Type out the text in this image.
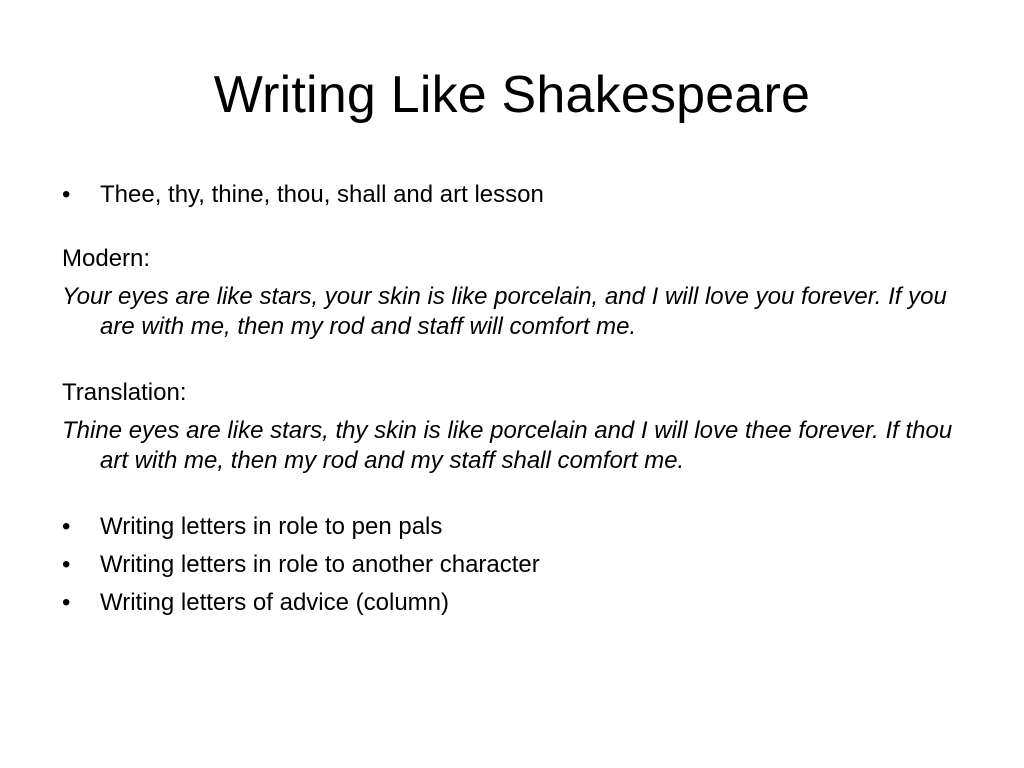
Writing Like Shakespeare
•	Thee, thy, thine, thou, shall and art lesson
Modern:
Your eyes are like stars, your skin is like porcelain, and I will love you forever. If you are with me, then my rod and staff will comfort me.
Translation:
Thine eyes are like stars, thy skin is like porcelain and I will love thee forever. If thou art with me, then my rod and my staff shall comfort me.
•	Writing letters in role to pen pals
•	Writing letters in role to another character
•	Writing letters of advice (column)
